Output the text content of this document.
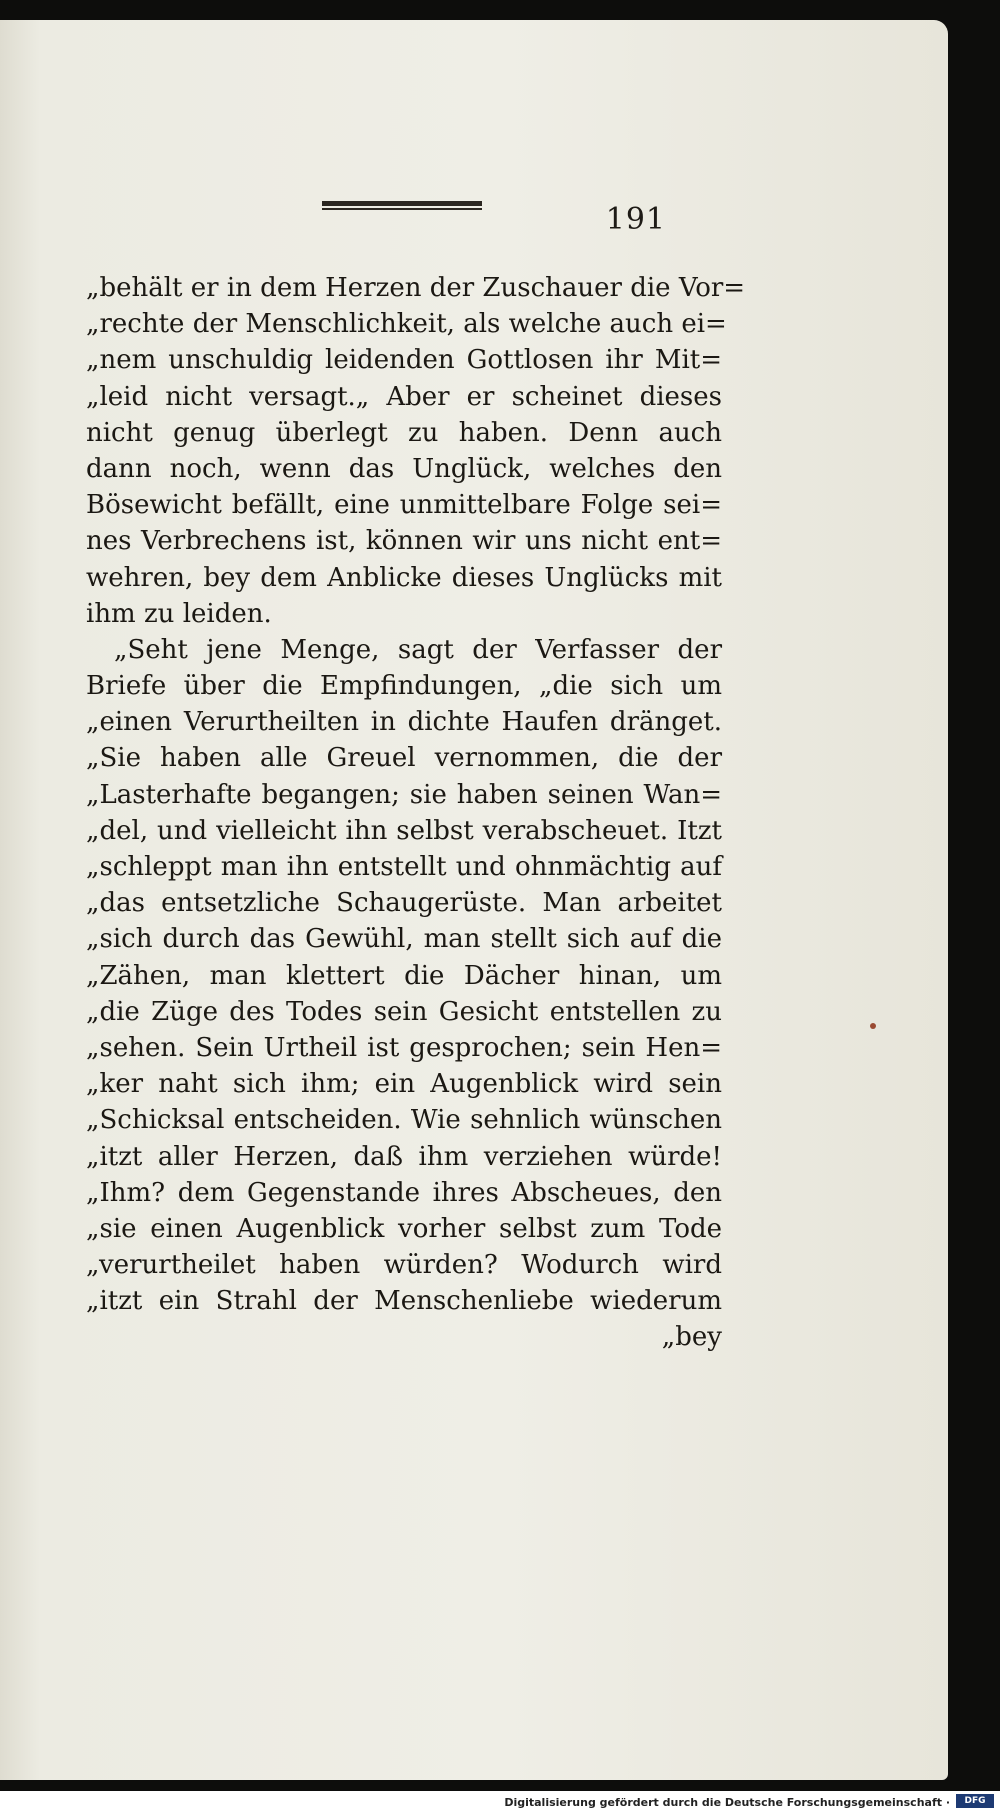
191
„behält er in dem Herzen der Zuschauer die Vor=
„rechte der Menschlichkeit, als welche auch ei=
„nem unschuldig leidenden Gottlosen ihr Mit=
„leid nicht versagt.„ Aber er scheinet dieses
nicht genug überlegt zu haben. Denn auch
dann noch, wenn das Unglück, welches den
Bösewicht befällt, eine unmittelbare Folge sei=
nes Verbrechens ist, können wir uns nicht ent=
wehren, bey dem Anblicke dieses Unglücks mit
ihm zu leiden.
„Seht jene Menge, sagt der Verfasser der
Briefe über die Empfindungen, „die sich um
„einen Verurtheilten in dichte Haufen dränget.
„Sie haben alle Greuel vernommen, die der
„Lasterhafte begangen; sie haben seinen Wan=
„del, und vielleicht ihn selbst verabscheuet. Itzt
„schleppt man ihn entstellt und ohnmächtig auf
„das entsetzliche Schaugerüste. Man arbeitet
„sich durch das Gewühl, man stellt sich auf die
„Zähen, man klettert die Dächer hinan, um
„die Züge des Todes sein Gesicht entstellen zu
„sehen. Sein Urtheil ist gesprochen; sein Hen=
„ker naht sich ihm; ein Augenblick wird sein
„Schicksal entscheiden. Wie sehnlich wünschen
„itzt aller Herzen, daß ihm verziehen würde!
„Ihm? dem Gegenstande ihres Abscheues, den
„sie einen Augenblick vorher selbst zum Tode
„verurtheilet haben würden? Wodurch wird
„itzt ein Strahl der Menschenliebe wiederum
„bey
Digitalisierung gefördert durch die Deutsche Forschungsgemeinschaft ·	DFG
